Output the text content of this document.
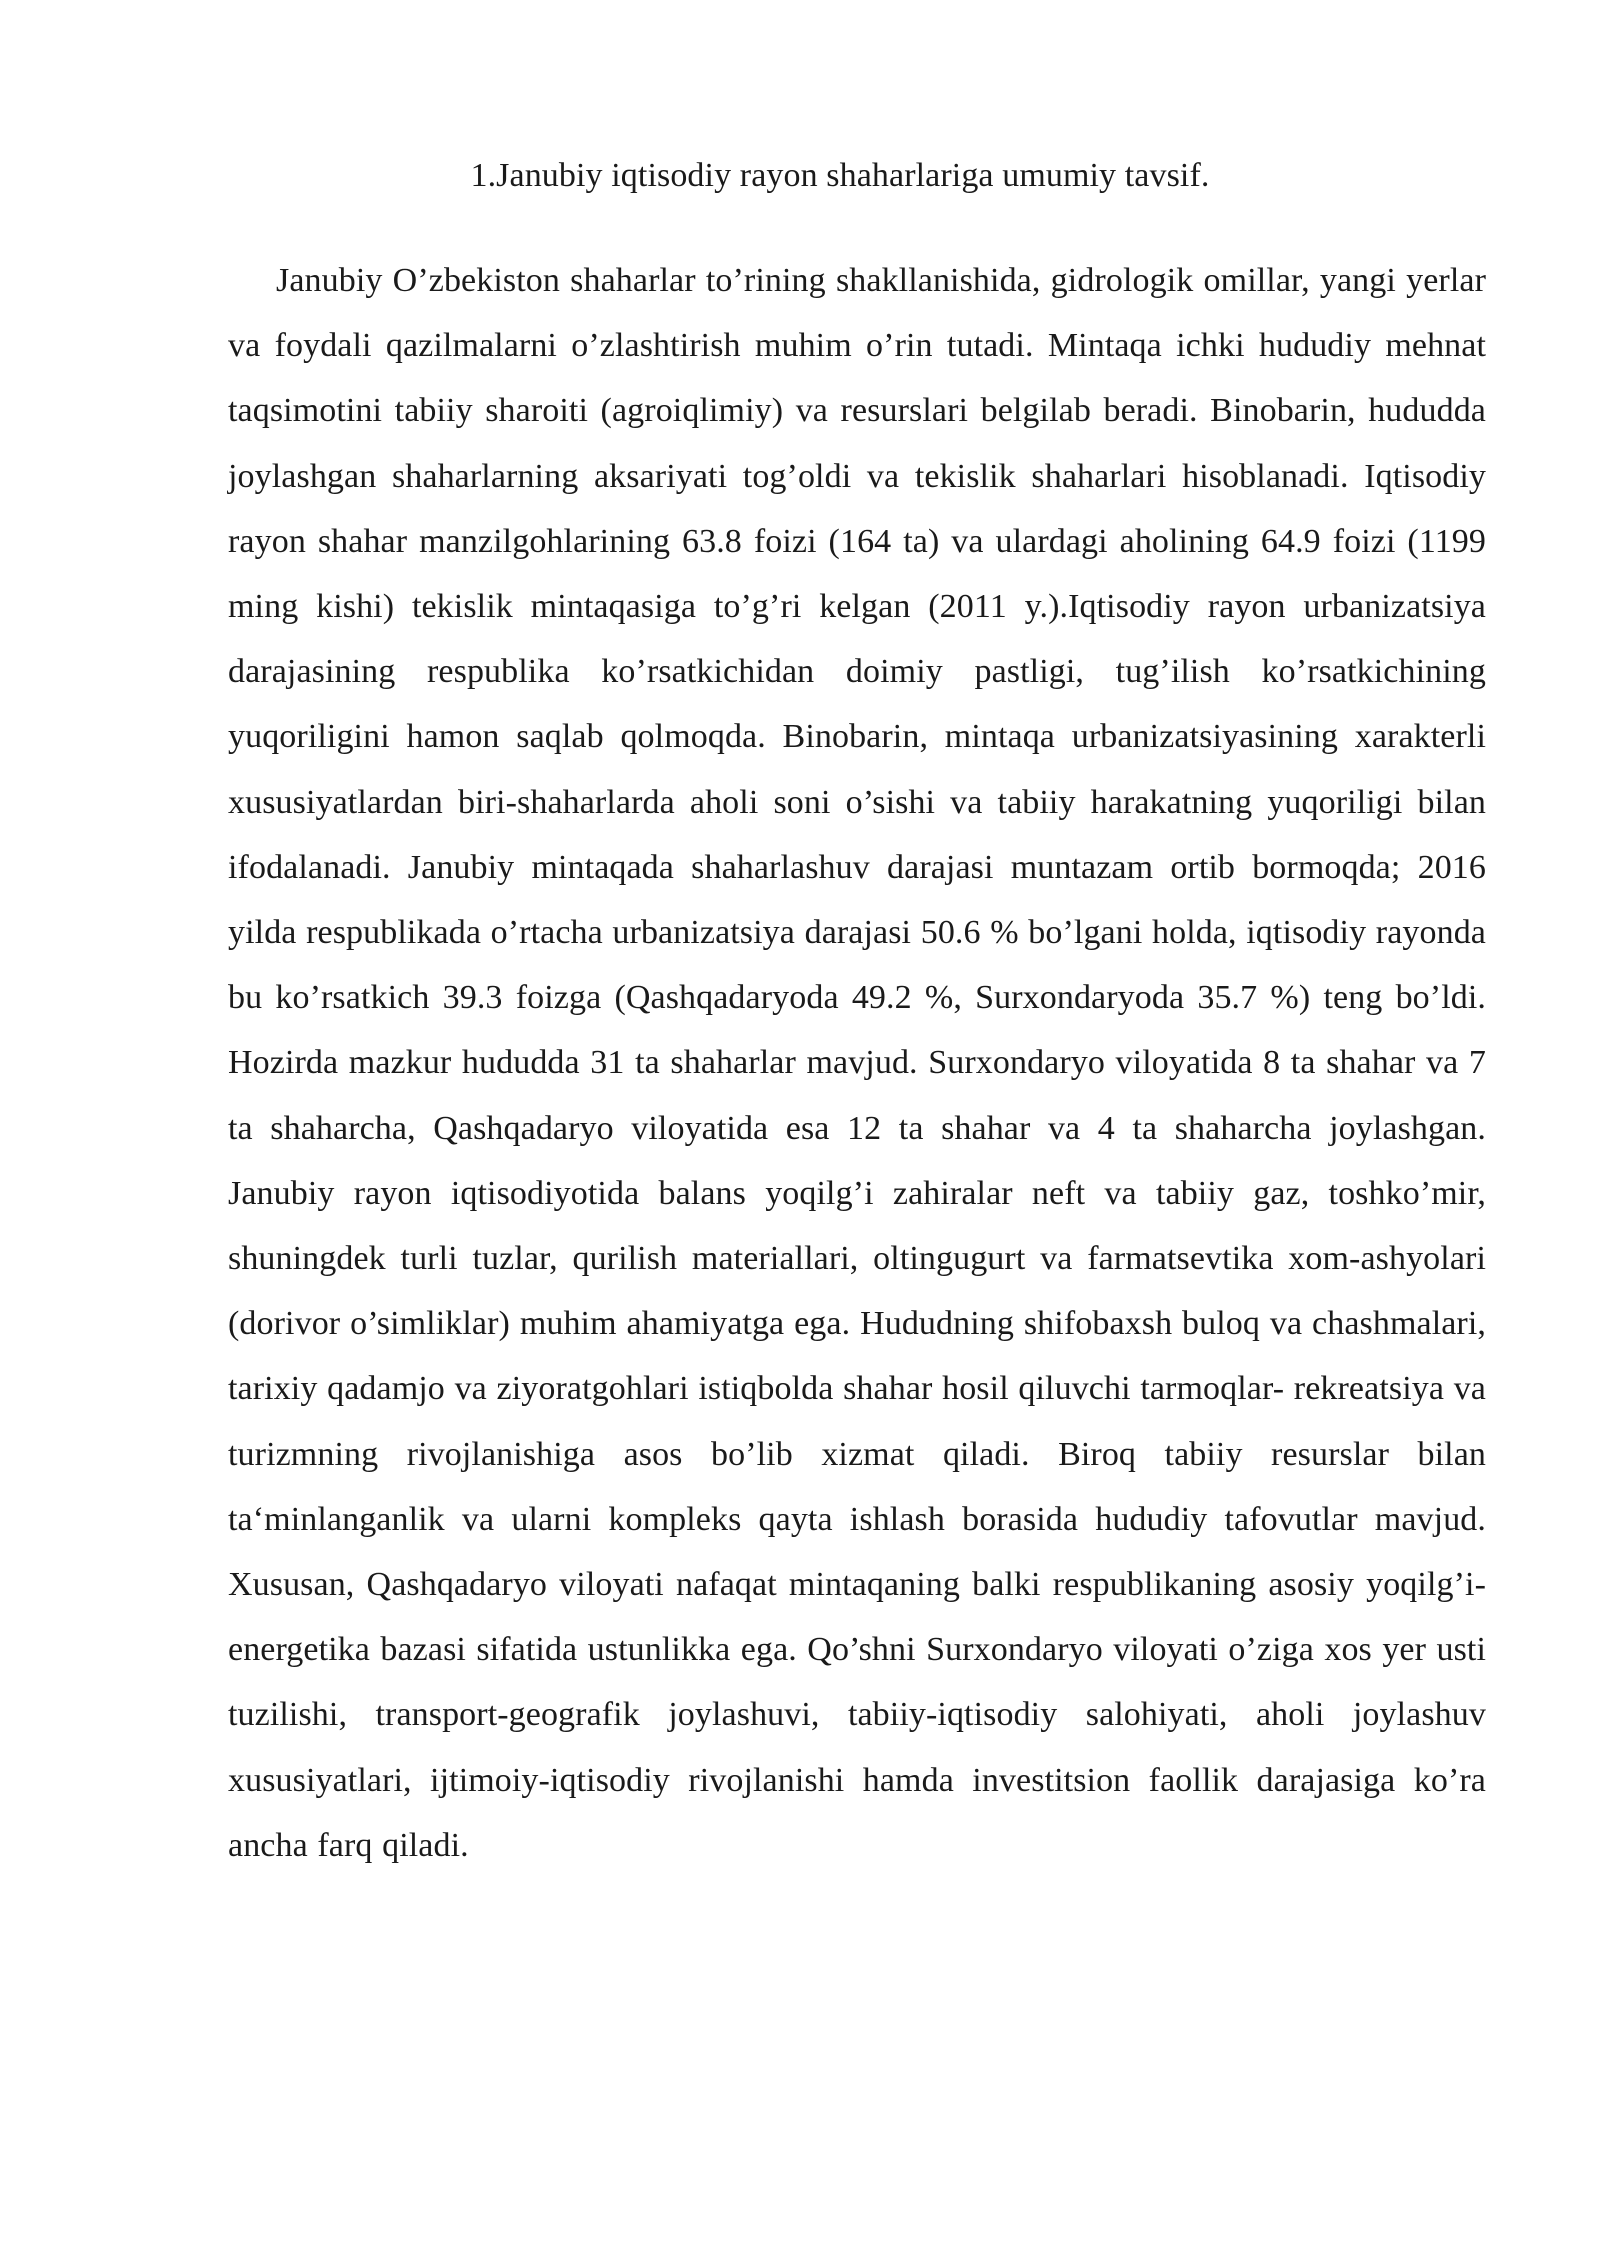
1.Janubiy iqtisodiy rayon shaharlariga umumiy tavsif.

Janubiy O’zbekiston shaharlar to’rining shakllanishida, gidrologik omillar, yangi yerlar va foydali qazilmalarni o’zlashtirish muhim o’rin tutadi. Mintaqa ichki hududiy mehnat taqsimotini tabiiy sharoiti (agroiqlimiy) va resurslari belgilab beradi. Binobarin, hududda joylashgan shaharlarning aksariyati tog’oldi va tekislik shaharlari hisoblanadi. Iqtisodiy rayon shahar manzilgohlarining 63.8 foizi (164 ta) va ulardagi aholining 64.9 foizi (1199 ming kishi) tekislik mintaqasiga to’g’ri kelgan (2011 y.).Iqtisodiy rayon urbanizatsiya darajasining respublika ko’rsatkichidan doimiy pastligi, tug’ilish ko’rsatkichining yuqoriligini hamon saqlab qolmoqda. Binobarin, mintaqa urbanizatsiyasining xarakterli xususiyatlardan biri-shaharlarda aholi soni o’sishi va tabiiy harakatning yuqoriligi bilan ifodalanadi. Janubiy mintaqada shaharlashuv darajasi muntazam ortib bormoqda; 2016 yilda respublikada o’rtacha urbanizatsiya darajasi 50.6 % bo’lgani holda, iqtisodiy rayonda bu ko’rsatkich 39.3 foizga (Qashqadaryoda 49.2 %, Surxondaryoda 35.7 %) teng bo’ldi. Hozirda mazkur hududda 31 ta shaharlar mavjud. Surxondaryo viloyatida 8 ta shahar va 7 ta shaharcha, Qashqadaryo viloyatida esa 12 ta shahar va 4 ta shaharcha joylashgan. Janubiy rayon iqtisodiyotida balans yoqilg’i zahiralar neft va tabiiy gaz, toshko’mir, shuningdek turli tuzlar, qurilish materiallari, oltingugurt va farmatsevtika xom-ashyolari (dorivor o’simliklar) muhim ahamiyatga ega. Hududning shifobaxsh buloq va chashmalari, tarixiy qadamjo va ziyoratgohlari istiqbolda shahar hosil qiluvchi tarmoqlar- rekreatsiya va turizmning rivojlanishiga asos bo’lib xizmat qiladi. Biroq tabiiy resurslar bilan ta‘minlanganlik va ularni kompleks qayta ishlash borasida hududiy tafovutlar mavjud. Xususan, Qashqadaryo viloyati nafaqat mintaqaning balki respublikaning asosiy yoqilg’i-energetika bazasi sifatida ustunlikka ega. Qo’shni Surxondaryo viloyati o’ziga xos yer usti tuzilishi, transport-geografik joylashuvi, tabiiy-iqtisodiy salohiyati, aholi joylashuv xususiyatlari, ijtimoiy-iqtisodiy rivojlanishi hamda investitsion faollik darajasiga ko’ra ancha farq qiladi.
